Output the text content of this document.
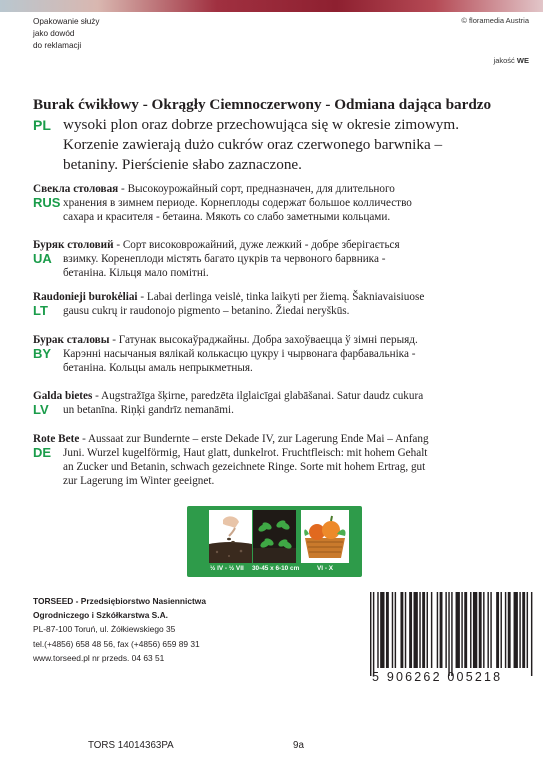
Opakowanie służy
jako dowód
do reklamacji
© floramedia Austria
jakość WE
PL
Burak ćwikłowy - Okrągły Ciemnoczerwony - Odmiana dająca bardzo
wysoki plon oraz dobrze przechowująca się w okresie zimowym.
Korzenie zawierają dużo cukrów oraz czerwonego barwnika –
betaniny. Pierścienie słabo zaznaczone.
RUS
Свекла столовая - Высокоурожайный сорт, предназначен, для длительного
хранения в зимнем периоде. Корнеплоды содержат большое колличество
сахара и красителя - бетаина. Мякоть со слабо заметными кольцами.
UA
Буряк столовий - Сорт високоврожайний, дуже лежкий - добре зберігається
взимку. Коренеплоди містять багато цукрів та червоного барвника -
бетаніна. Кільця мало помітні.
LT
Raudonieji burokėliai - Labai derlinga veislė, tinka laikyti per žiemą. Šakniavaisiuose
gausu cukrų ir raudonojo pigmento – betanino. Žiedai neryškūs.
BY
Бурак сталовы - Гатунак высокаўраджайны. Добра захоўваецца ў зімні перыяд.
Карэнні насычаныя вялікай колькасцю цукру і чырвонага фарбавальніка -
бетаніна. Кольцы амаль непрыкметныя.
LV
Galda bietes - Augstražīga šķirne, paredzēta ilglaicīgai glabāšanai. Satur daudz cukura
un betanīna. Riņķi gandrīz nemanāmi.
DE
Rote Bete - Aussaat zur Bundernte – erste Dekade IV, zur Lagerung Ende Mai – Anfang
Juni. Wurzel kugelförmig, Haut glatt, dunkelrot. Fruchtfleisch: mit hohem Gehalt
an Zucker und Betanin, schwach gezeichnete Ringe. Sorte mit hohem Ertrag, gut
zur Lagerung im Winter geeignet.
½ IV - ½ VII 30-45 x 6-10 cm	VI - X
TORSEED - Przedsiębiorstwo Nasiennictwa
Ogrodniczego i Szkółkarstwa S.A.
PL-87-100 Toruń, ul. Żółkiewskiego 35
tel.(+4856) 658 48 56, fax (+4856) 659 89 31
www.torseed.pl nr przeds. 04 63 51
5 906262 005218
TORS 14014363PA	9a
